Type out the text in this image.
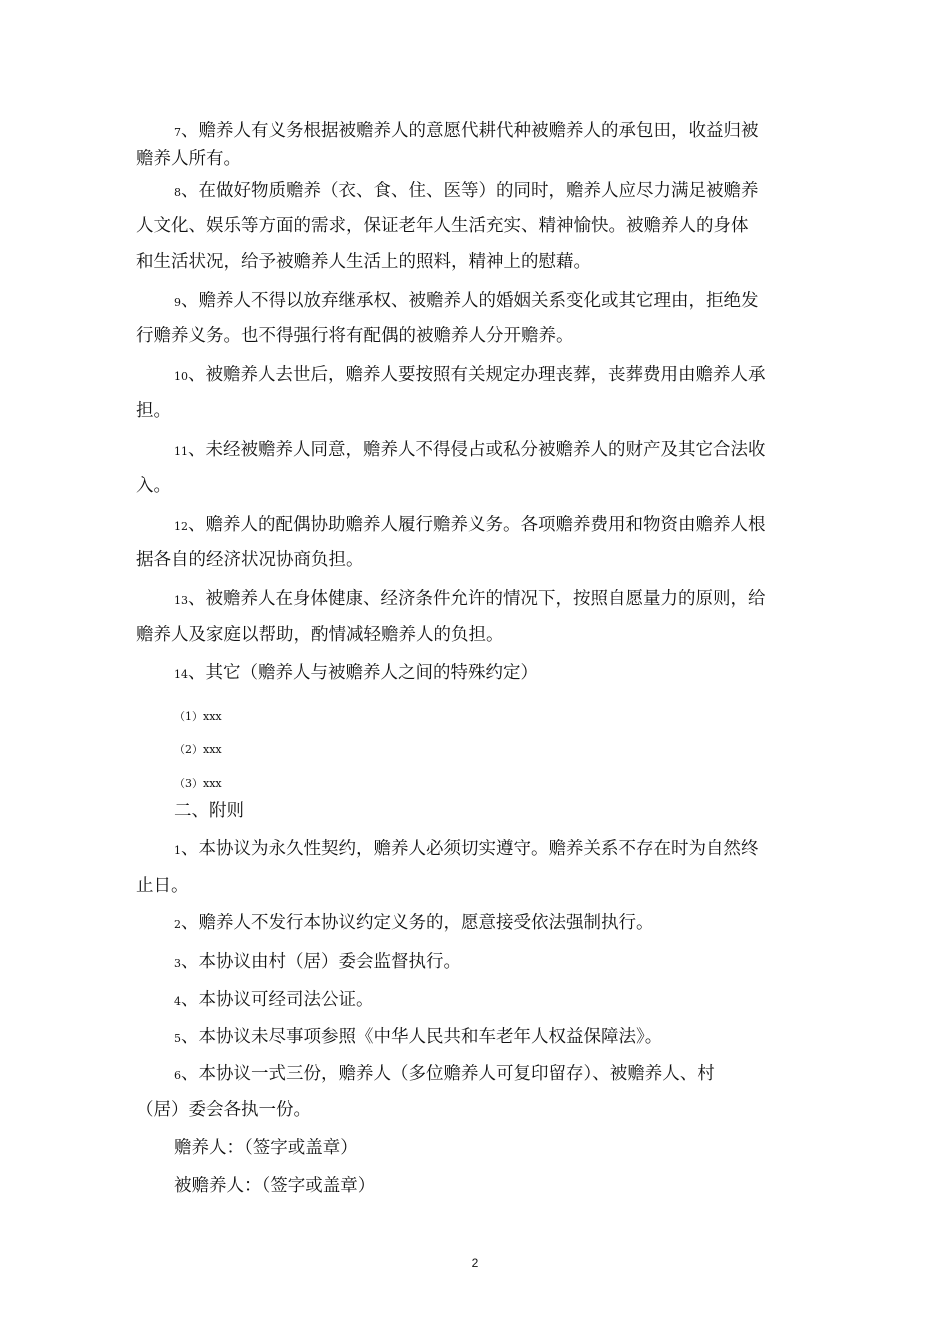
7、赡养人有义务根据被赡养人的意愿代耕代种被赡养人的承包田，收益归被
赡养人所有。
8、在做好物质赡养（衣、食、住、医等）的同时，赡养人应尽力满足被赡养
人文化、娱乐等方面的需求，保证老年人生活充实、精神愉快。被赡养人的身体
和生活状况，给予被赡养人生活上的照料，精神上的慰藉。
9、赡养人不得以放弃继承权、被赡养人的婚姻关系变化或其它理由，拒绝发
行赡养义务。也不得强行将有配偶的被赡养人分开赡养。
10、被赡养人去世后，赡养人要按照有关规定办理丧葬，丧葬费用由赡养人承
担。
11、未经被赡养人同意，赡养人不得侵占或私分被赡养人的财产及其它合法收
入。
12、赡养人的配偶协助赡养人履行赡养义务。各项赡养费用和物资由赡养人根
据各自的经济状况协商负担。
13、被赡养人在身体健康、经济条件允许的情况下，按照自愿量力的原则，给
赡养人及家庭以帮助，酌情减轻赡养人的负担。
14、其它（赡养人与被赡养人之间的特殊约定）
（1）xxx
（2）xxx
（3）xxx
二、附则
1、本协议为永久性契约，赡养人必须切实遵守。赡养关系不存在时为自然终
止日。
2、赡养人不发行本协议约定义务的，愿意接受依法强制执行。
3、本协议由村（居）委会监督执行。
4、本协议可经司法公证。
5、本协议未尽事项参照《中华人民共和车老年人权益保障法》。
6、本协议一式三份，赡养人（多位赡养人可复印留存）、被赡养人、村
（居）委会各执一份。
赡养人：（签字或盖章）
被赡养人：（签字或盖章）
2
